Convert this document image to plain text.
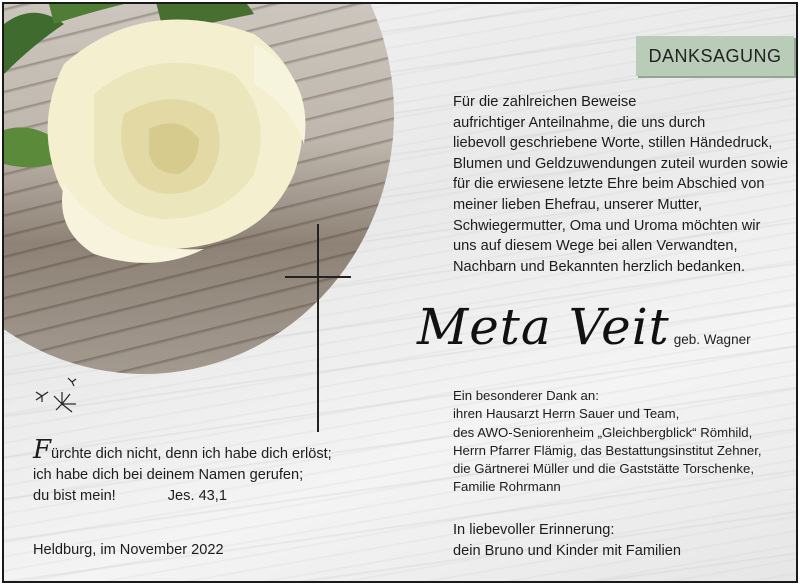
DANKSAGUNG
Für die zahlreichen Beweise
aufrichtiger Anteilnahme, die uns durch
liebevoll geschriebene Worte, stillen Händedruck,
Blumen und Geldzuwendungen zuteil wurden sowie
für die erwiesene letzte Ehre beim Abschied von
meiner lieben Ehefrau, unserer Mutter,
Schwiegermutter, Oma und Uroma möchten wir
uns auf diesem Wege bei allen Verwandten,
Nachbarn und Bekannten herzlich bedanken.
Meta Veit geb. Wagner
Ein besonderer Dank an:
ihren Hausarzt Herrn Sauer und Team,
des AWO-Seniorenheim „Gleichbergblick“ Römhild,
Herrn Pfarrer Flämig, das Bestattungsinstitut Zehner,
die Gärtnerei Müller und die Gaststätte Torschenke,
Familie Rohrmann
In liebevoller Erinnerung:
dein Bruno und Kinder mit Familien
Fürchte dich nicht, denn ich habe dich erlöst;
ich habe dich bei deinem Namen gerufen;
du bist mein!	Jes. 43,1
Heldburg, im November 2022
